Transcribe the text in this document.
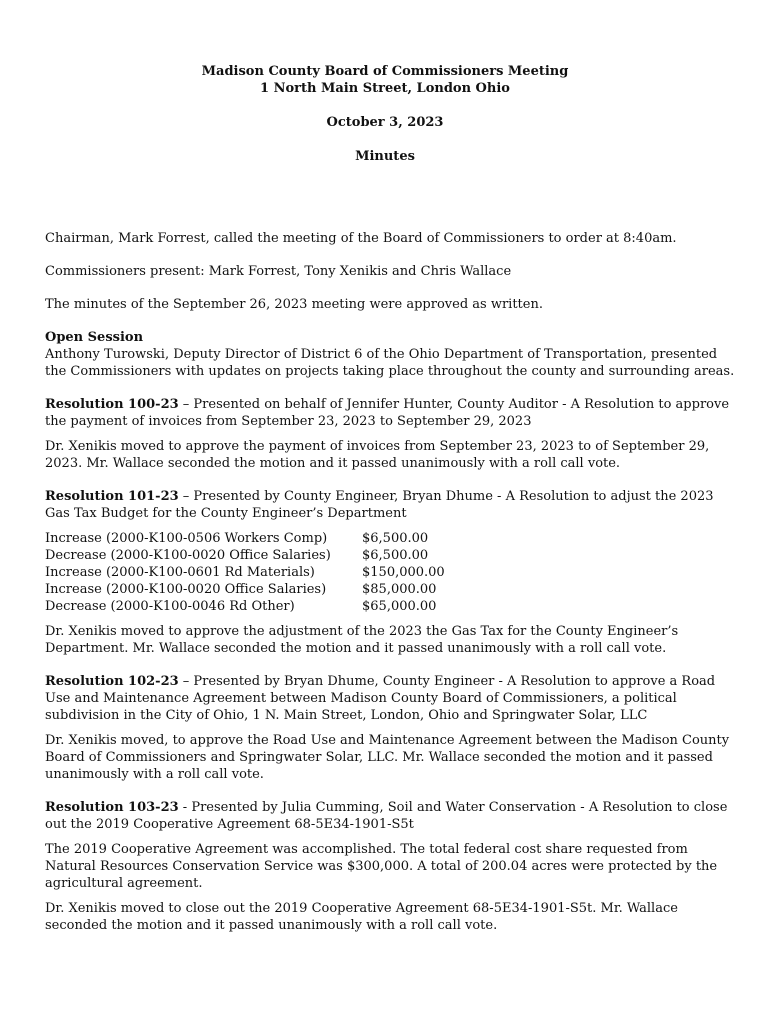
Madison County Board of Commissioners Meeting
1 North Main Street, London Ohio
October 3, 2023
Minutes

Chairman, Mark Forrest, called the meeting of the Board of Commissioners to order at 8:40am.

Commissioners present: Mark Forrest, Tony Xenikis and Chris Wallace

The minutes of the September 26, 2023 meeting were approved as written.

Open Session

Anthony Turowski, Deputy Director of District 6 of the Ohio Department of Transportation, presented the Commissioners with updates on projects taking place throughout the county and surrounding areas.

Resolution 100-23 – Presented on behalf of Jennifer Hunter, County Auditor - A Resolution to approve the payment of invoices from September 23, 2023 to September 29, 2023

Dr. Xenikis moved to approve the payment of invoices from September 23, 2023 to of September 29, 2023. Mr. Wallace seconded the motion and it passed unanimously with a roll call vote.

Resolution 101-23 – Presented by County Engineer, Bryan Dhume - A Resolution to adjust the 2023 Gas Tax Budget for the County Engineer’s Department

Increase (2000-K100-0506 Workers Comp)	$6,500.00
Decrease (2000-K100-0020 Office Salaries)	$6,500.00
Increase (2000-K100-0601 Rd Materials)	$150,000.00
Increase (2000-K100-0020 Office Salaries)	$85,000.00
Decrease (2000-K100-0046 Rd Other)	$65,000.00

Dr. Xenikis moved to approve the adjustment of the 2023 the Gas Tax for the County Engineer’s Department. Mr. Wallace seconded the motion and it passed unanimously with a roll call vote.

Resolution 102-23 – Presented by Bryan Dhume, County Engineer - A Resolution to approve a Road Use and Maintenance Agreement between Madison County Board of Commissioners, a political subdivision in the City of Ohio, 1 N. Main Street, London, Ohio and Springwater Solar, LLC

Dr. Xenikis moved, to approve the Road Use and Maintenance Agreement between the Madison County Board of Commissioners and Springwater Solar, LLC. Mr. Wallace seconded the motion and it passed unanimously with a roll call vote.

Resolution 103-23 - Presented by Julia Cumming, Soil and Water Conservation - A Resolution to close out the 2019 Cooperative Agreement 68-5E34-1901-S5t

The 2019 Cooperative Agreement was accomplished. The total federal cost share requested from Natural Resources Conservation Service was $300,000. A total of 200.04 acres were protected by the agricultural agreement.

Dr. Xenikis moved to close out the 2019 Cooperative Agreement 68-5E34-1901-S5t. Mr. Wallace seconded the motion and it passed unanimously with a roll call vote.
